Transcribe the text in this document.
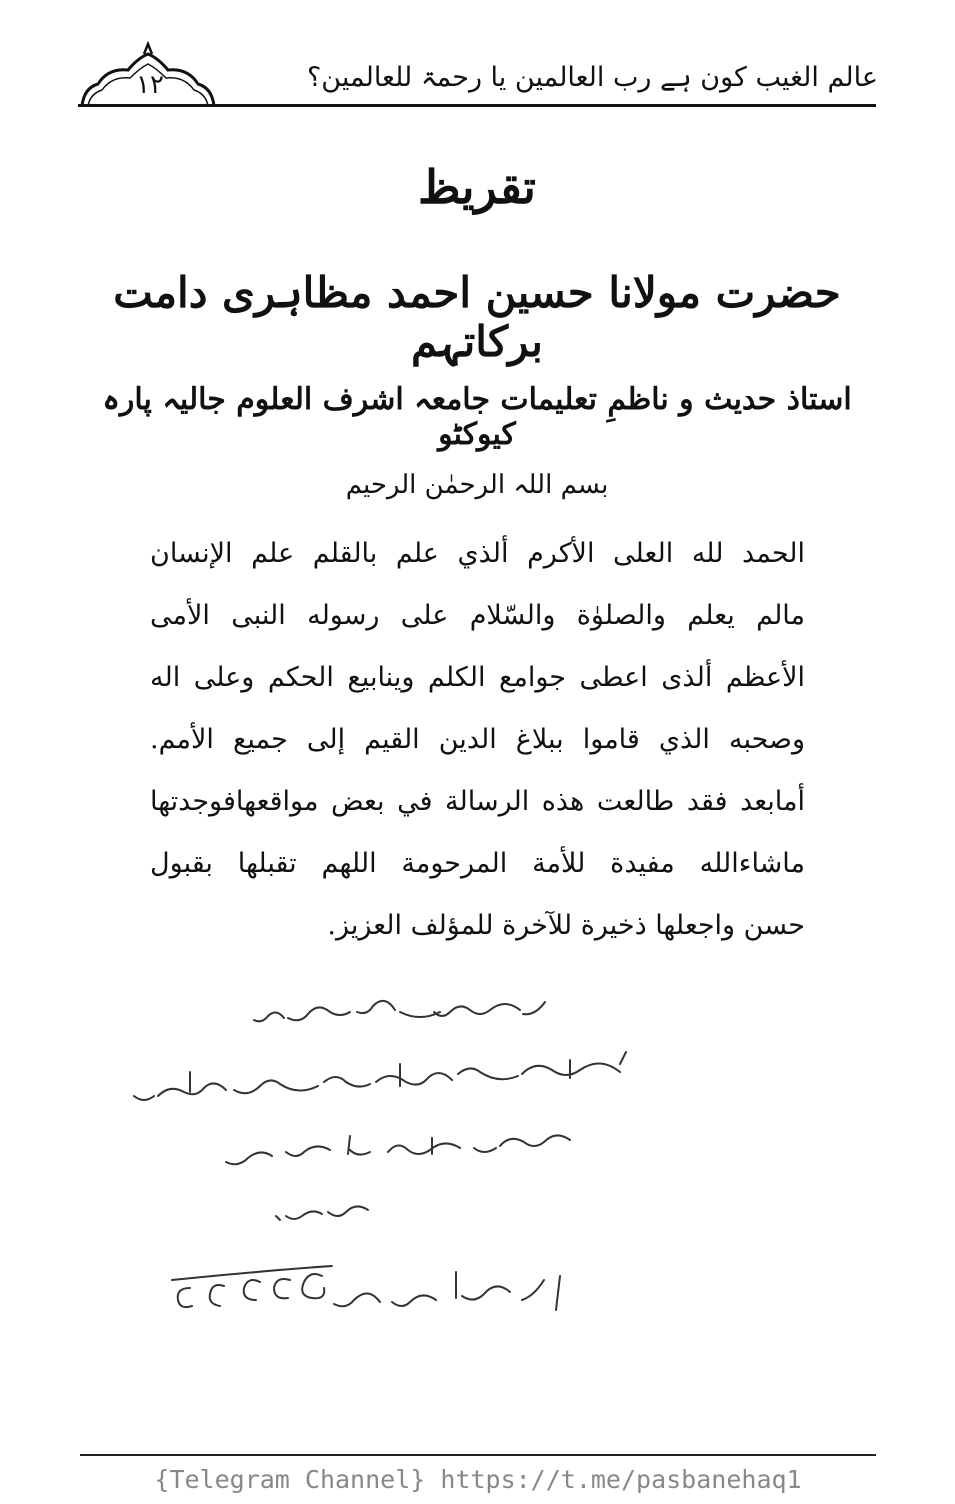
١٢	عالم الغیب کون ہے رب العالمین یا رحمۃ للعالمین؟
تقریظ
حضرت مولانا حسین احمد مظاہری دامت برکاتہم
استاذ حدیث و ناظمِ تعلیمات جامعہ اشرف العلوم جالیہ پارہ کیوکٹو
بسم اللہ الرحمٰن الرحیم
الحمد لله العلی الأکرم ألذي علم بالقلم علم الإنسان
مالم یعلم والصلوٰة والسّلام علی رسوله النبی الأمی
الأعظم ألذی اعطی جوامع الکلم وینابیع الحکم وعلی اله
وصحبه الذي قاموا ببلاغ الدین القیم إلی جمیع الأمم.
أمابعد فقد طالعت هذه الرسالة في بعض مواقعهافوجدتها
ماشاءالله مفیدة للأمة المرحومة اللهم تقبلها بقبول
حسن واجعلها ذخیرة للآخرة للمؤلف العزیز.
{Telegram Channel} https://t.me/pasbanehaq1
